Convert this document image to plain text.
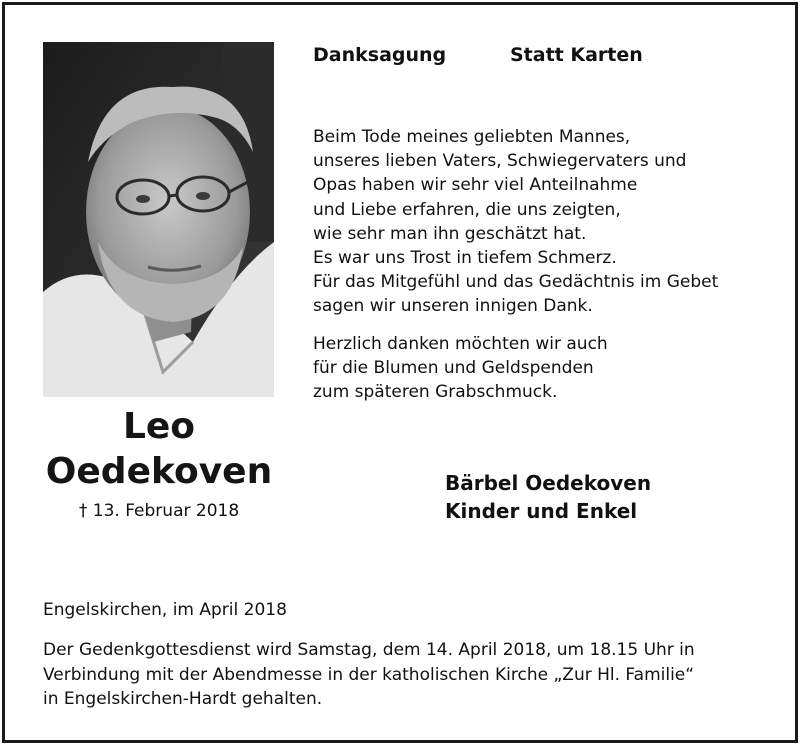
Leo
Oedekoven
† 13. Februar 2018
Danksagung	Statt Karten
Beim Tode meines geliebten Mannes,
unseres lieben Vaters, Schwiegervaters und
Opas haben wir sehr viel Anteilnahme
und Liebe erfahren, die uns zeigten,
wie sehr man ihn geschätzt hat.
Es war uns Trost in tiefem Schmerz.
Für das Mitgefühl und das Gedächtnis im Gebet
sagen wir unseren innigen Dank.
Herzlich danken möchten wir auch
für die Blumen und Geldspenden
zum späteren Grabschmuck.
Bärbel Oedekoven
Kinder und Enkel
Engelskirchen, im April 2018
Der Gedenkgottesdienst wird Samstag, dem 14. April 2018, um 18.15 Uhr in
Verbindung mit der Abendmesse in der katholischen Kirche „Zur Hl. Familie“
in Engelskirchen-Hardt gehalten.
